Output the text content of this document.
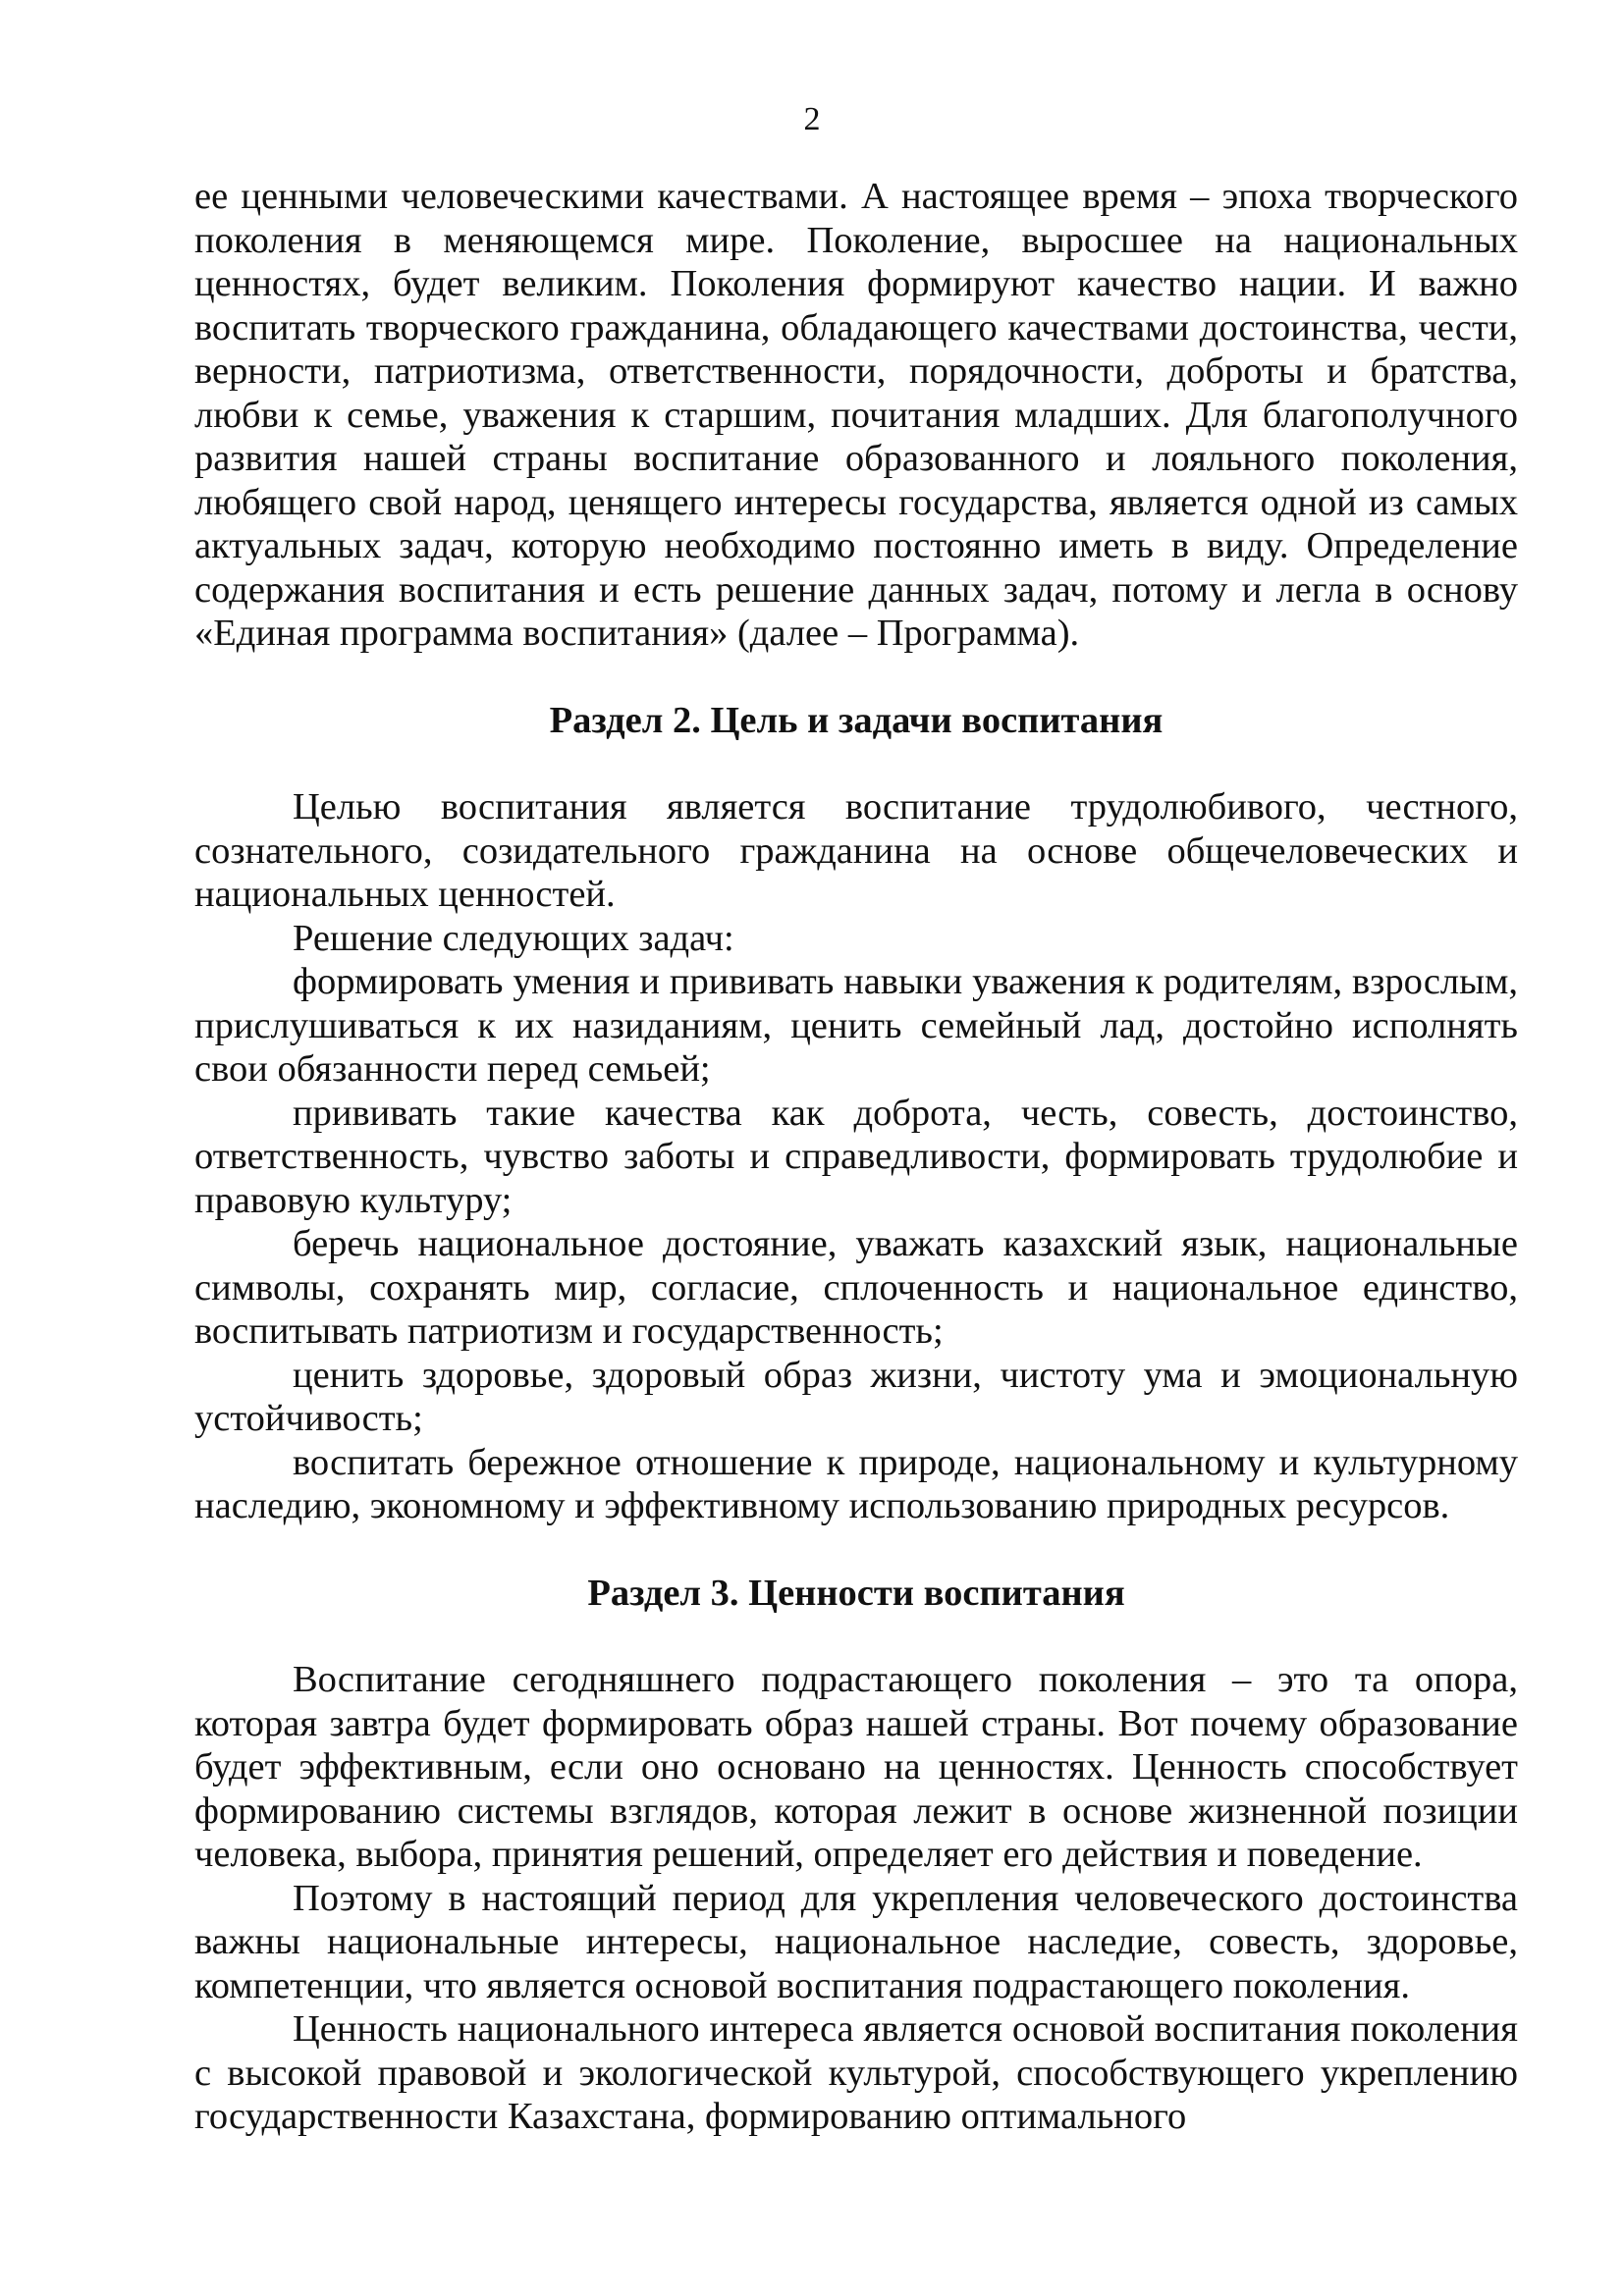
2

ее ценными человеческими качествами. А настоящее время – эпоха творческого поколения в меняющемся мире. Поколение, выросшее на национальных ценностях, будет великим. Поколения формируют качество нации. И важно воспитать творческого гражданина, обладающего качествами достоинства, чести, верности, патриотизма, ответственности, порядочности, доброты и братства, любви к семье, уважения к старшим, почитания младших. Для благополучного развития нашей страны воспитание образованного и лояльного поколения, любящего свой народ, ценящего интересы государства, является одной из самых актуальных задач, которую необходимо постоянно иметь в виду. Определение содержания воспитания и есть решение данных задач, потому и легла в основу «Единая программа воспитания» (далее – Программа).

Раздел 2. Цель и задачи воспитания

Целью воспитания является воспитание трудолюбивого, честного, сознательного, созидательного гражданина на основе общечеловеческих и национальных ценностей.

Решение следующих задач:

формировать умения и прививать навыки уважения к родителям, взрослым, прислушиваться к их назиданиям, ценить семейный лад, достойно исполнять свои обязанности перед семьей;

прививать такие качества как доброта, честь, совесть, достоинство, ответственность, чувство заботы и справедливости, формировать трудолюбие и правовую культуру;

беречь национальное достояние, уважать казахский язык, национальные символы, сохранять мир, согласие, сплоченность и национальное единство, воспитывать патриотизм и государственность;

ценить здоровье, здоровый образ жизни, чистоту ума и эмоциональную устойчивость;

воспитать бережное отношение к природе, национальному и культурному наследию, экономному и эффективному использованию природных ресурсов.

Раздел 3. Ценности воспитания

Воспитание сегодняшнего подрастающего поколения – это та опора, которая завтра будет формировать образ нашей страны. Вот почему образование будет эффективным, если оно основано на ценностях. Ценность способствует формированию системы взглядов, которая лежит в основе жизненной позиции человека, выбора, принятия решений, определяет его действия и поведение.

Поэтому в настоящий период для укрепления человеческого достоинства важны национальные интересы, национальное наследие, совесть, здоровье, компетенции, что является основой воспитания подрастающего поколения.

Ценность национального интереса является основой воспитания поколения с высокой правовой и экологической культурой, способствующего укреплению государственности Казахстана, формированию оптимального
